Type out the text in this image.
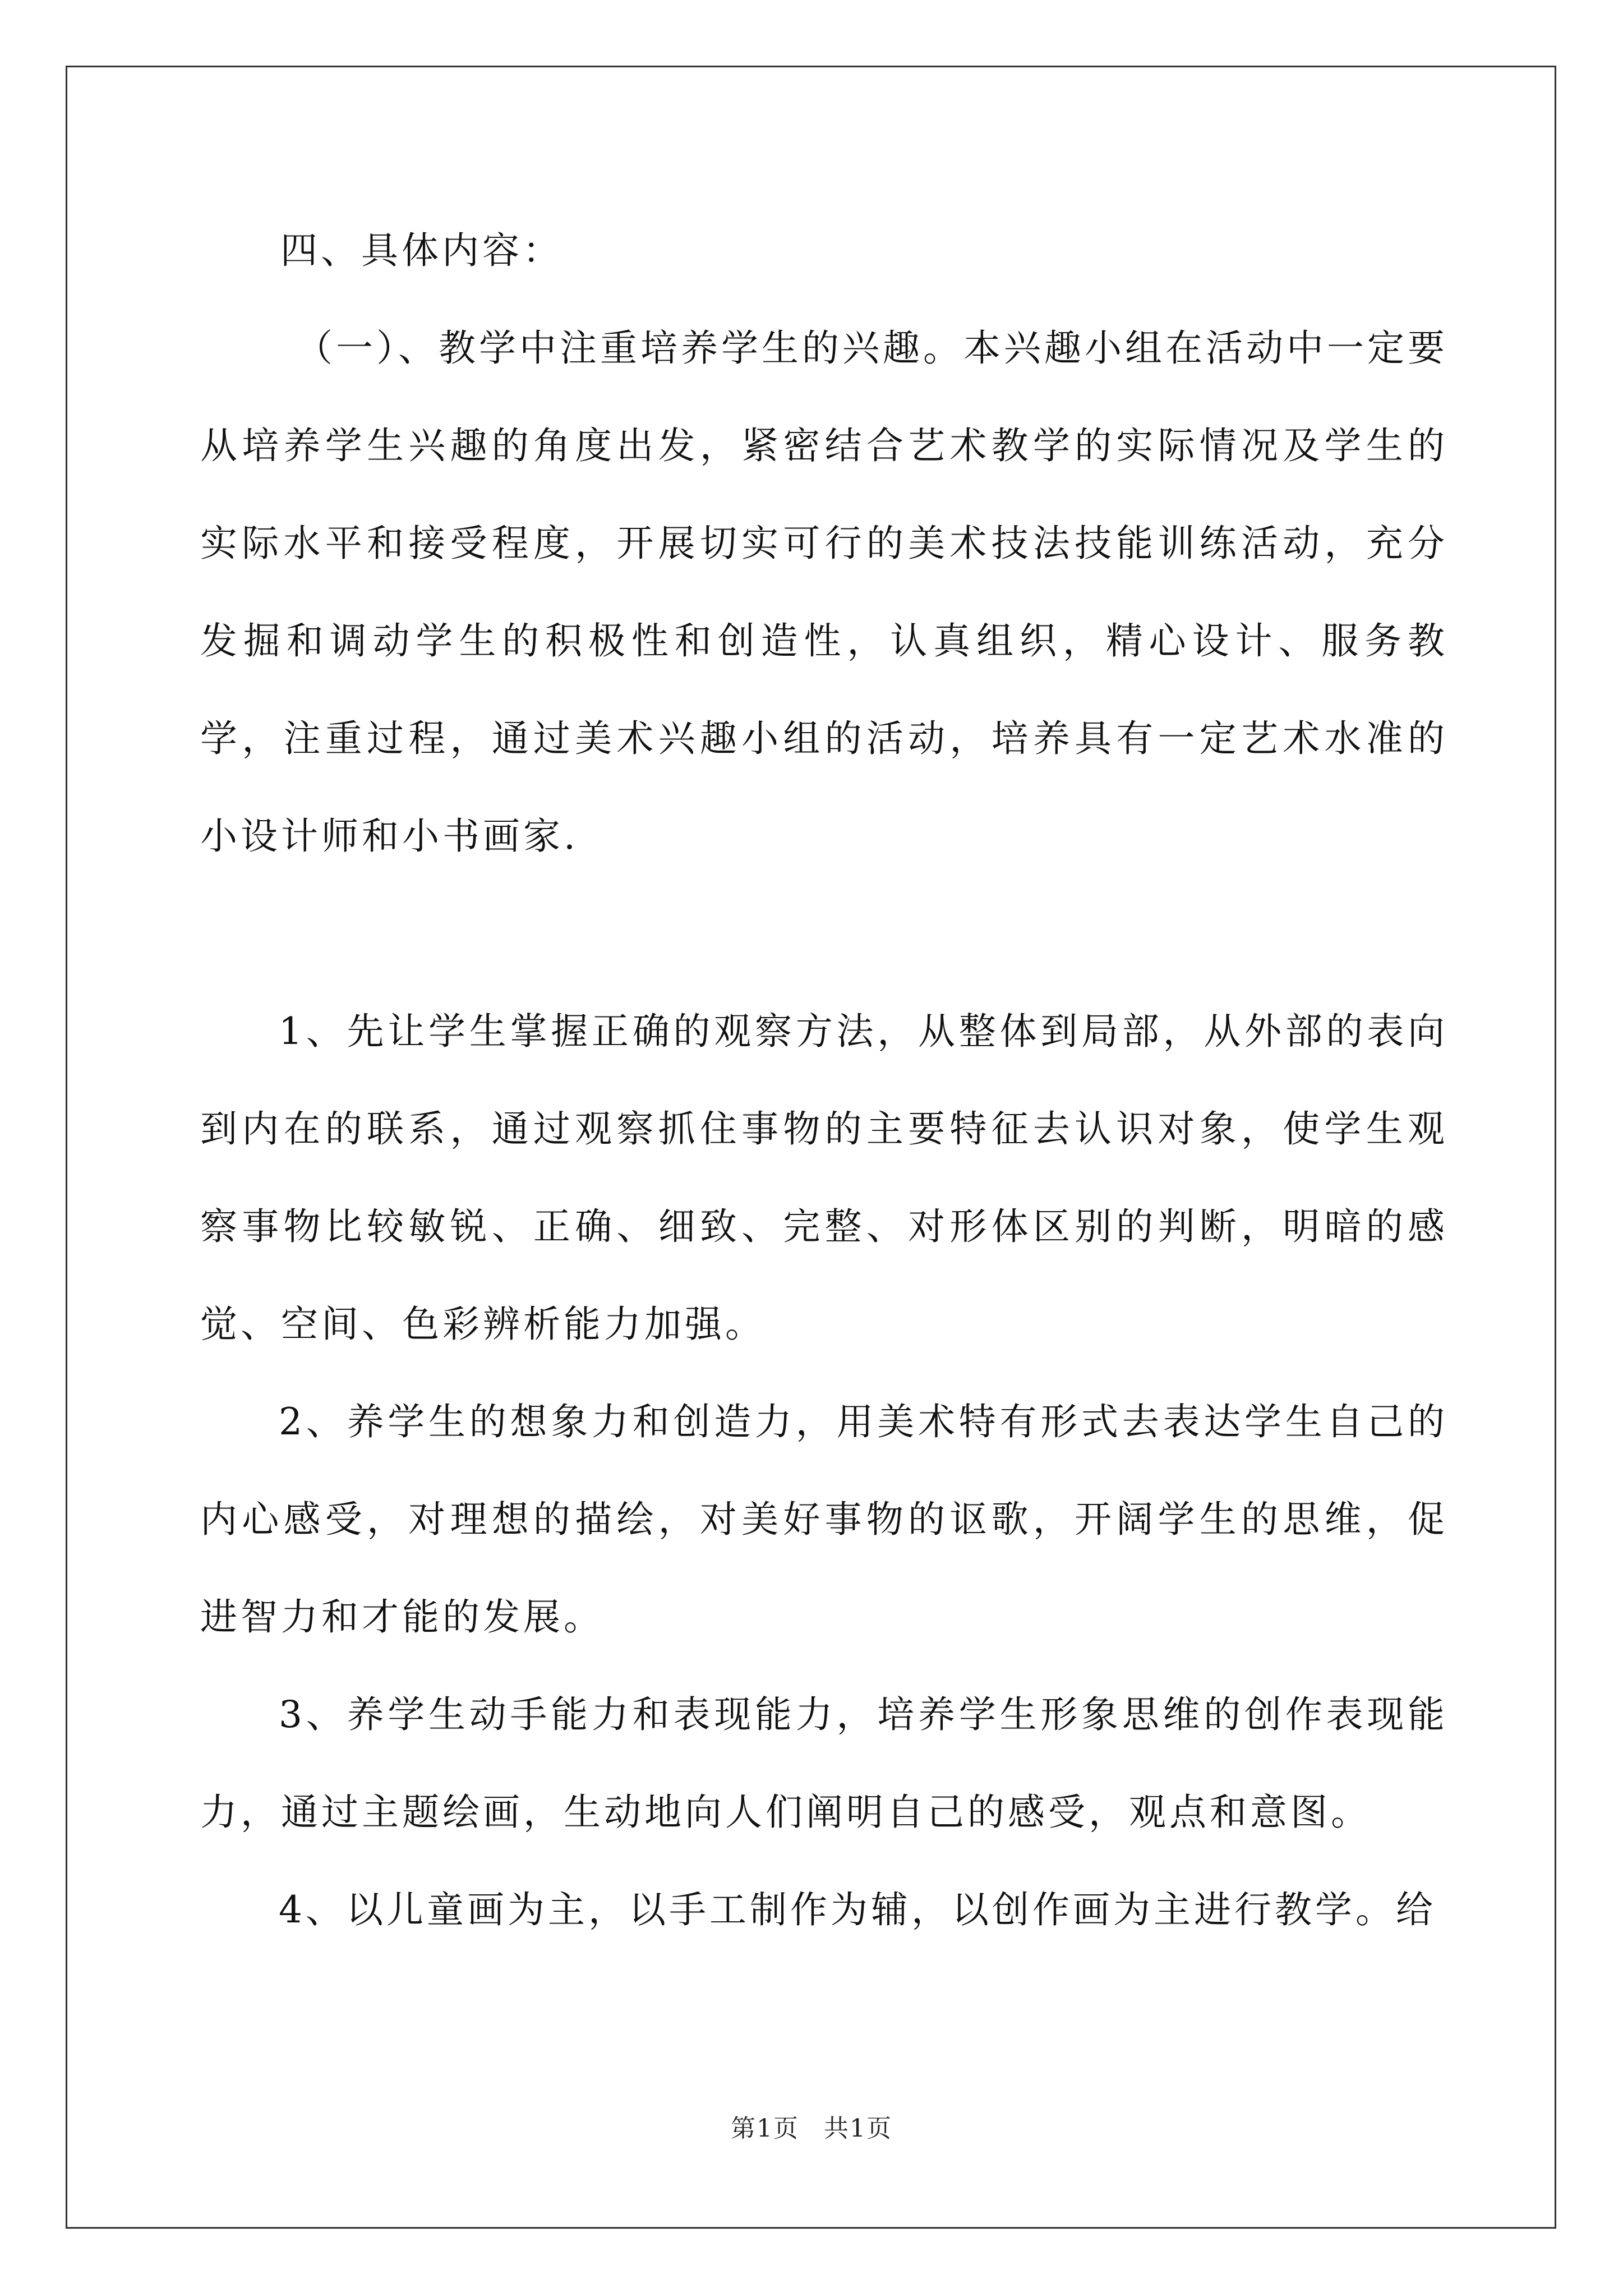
四、具体内容：

（一）、教学中注重培养学生的兴趣。本兴趣小组在活动中一定要从培养学生兴趣的角度出发，紧密结合艺术教学的实际情况及学生的实际水平和接受程度，开展切实可行的美术技法技能训练活动，充分发掘和调动学生的积极性和创造性，认真组织，精心设计、服务教学，注重过程，通过美术兴趣小组的活动，培养具有一定艺术水准的小设计师和小书画家.

1、先让学生掌握正确的观察方法，从整体到局部，从外部的表向到内在的联系，通过观察抓住事物的主要特征去认识对象，使学生观察事物比较敏锐、正确、细致、完整、对形体区别的判断，明暗的感觉、空间、色彩辨析能力加强。

2、养学生的想象力和创造力，用美术特有形式去表达学生自己的内心感受，对理想的描绘，对美好事物的讴歌，开阔学生的思维，促进智力和才能的发展。

3、养学生动手能力和表现能力，培养学生形象思维的创作表现能力，通过主题绘画，生动地向人们阐明自己的感受，观点和意图。

4、以儿童画为主，以手工制作为辅，以创作画为主进行教学。给

第1页 共1页
